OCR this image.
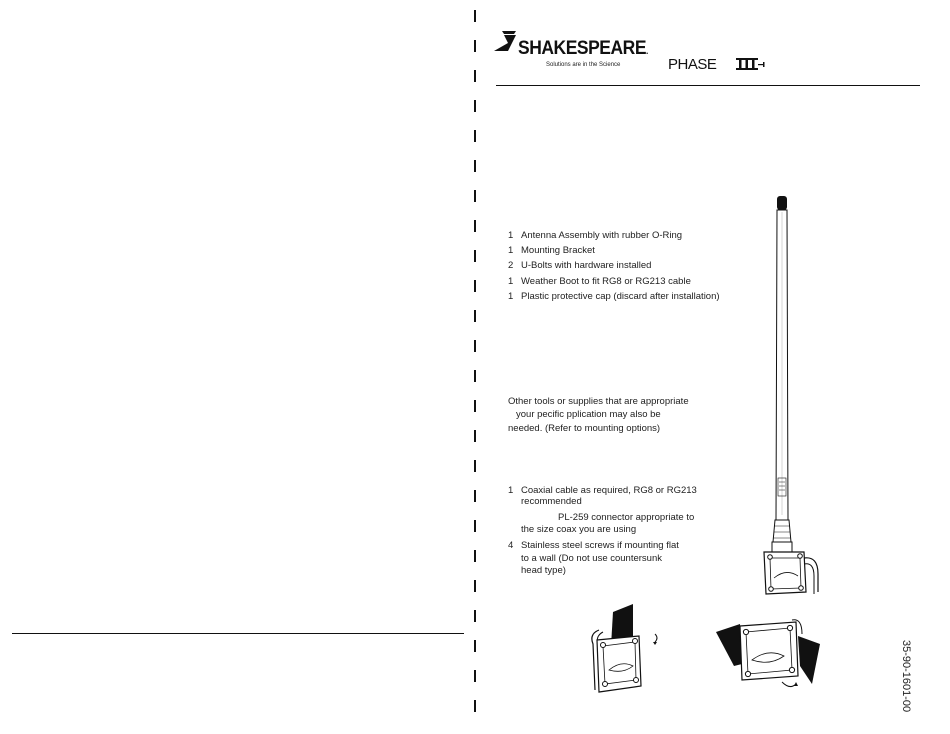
SHAKESPEARE.
Solutions are in the Science	PHASE
1 Antenna Assembly with rubber O-Ring
1 Mounting Bracket
2 U-Bolts with hardware installed
1 Weather Boot to fit RG8 or RG213 cable
1 Plastic protective cap (discard after installation)
Other tools or supplies that are appropriate
your pecific pplication may also be
needed. (Refer to mounting options)
1 Coaxial cable as required, RG8 or RG213
recommended
PL-259 connector appropriate to
the size coax you are using
4 Stainless steel screws if mounting flat
to a wall (Do not use countersunk
head type)
35-90-1601-00
